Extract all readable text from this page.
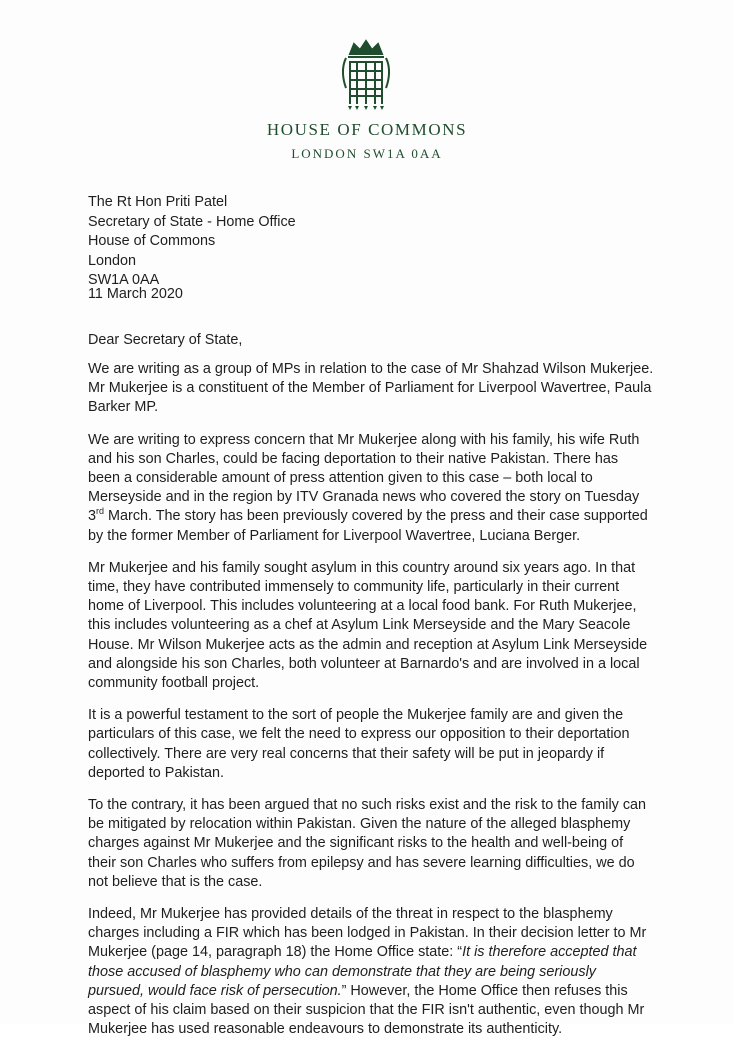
HOUSE OF COMMONS
LONDON SW1A 0AA
The Rt Hon Priti Patel
Secretary of State - Home Office
House of Commons
London
SW1A 0AA
11 March 2020
Dear Secretary of State,

We are writing as a group of MPs in relation to the case of Mr Shahzad Wilson Mukerjee. Mr Mukerjee is a constituent of the Member of Parliament for Liverpool Wavertree, Paula Barker MP.

We are writing to express concern that Mr Mukerjee along with his family, his wife Ruth and his son Charles, could be facing deportation to their native Pakistan. There has been a considerable amount of press attention given to this case – both local to Merseyside and in the region by ITV Granada news who covered the story on Tuesday 3rd March. The story has been previously covered by the press and their case supported by the former Member of Parliament for Liverpool Wavertree, Luciana Berger.

Mr Mukerjee and his family sought asylum in this country around six years ago. In that time, they have contributed immensely to community life, particularly in their current home of Liverpool. This includes volunteering at a local food bank. For Ruth Mukerjee, this includes volunteering as a chef at Asylum Link Merseyside and the Mary Seacole House. Mr Wilson Mukerjee acts as the admin and reception at Asylum Link Merseyside and alongside his son Charles, both volunteer at Barnardo's and are involved in a local community football project.

It is a powerful testament to the sort of people the Mukerjee family are and given the particulars of this case, we felt the need to express our opposition to their deportation collectively. There are very real concerns that their safety will be put in jeopardy if deported to Pakistan.

To the contrary, it has been argued that no such risks exist and the risk to the family can be mitigated by relocation within Pakistan. Given the nature of the alleged blasphemy charges against Mr Mukerjee and the significant risks to the health and well-being of their son Charles who suffers from epilepsy and has severe learning difficulties, we do not believe that is the case.

Indeed, Mr Mukerjee has provided details of the threat in respect to the blasphemy charges including a FIR which has been lodged in Pakistan. In their decision letter to Mr Mukerjee (page 14, paragraph 18) the Home Office state: “It is therefore accepted that those accused of blasphemy who can demonstrate that they are being seriously pursued, would face risk of persecution.” However, the Home Office then refuses this aspect of his claim based on their suspicion that the FIR isn't authentic, even though Mr Mukerjee has used reasonable endeavours to demonstrate its authenticity.
